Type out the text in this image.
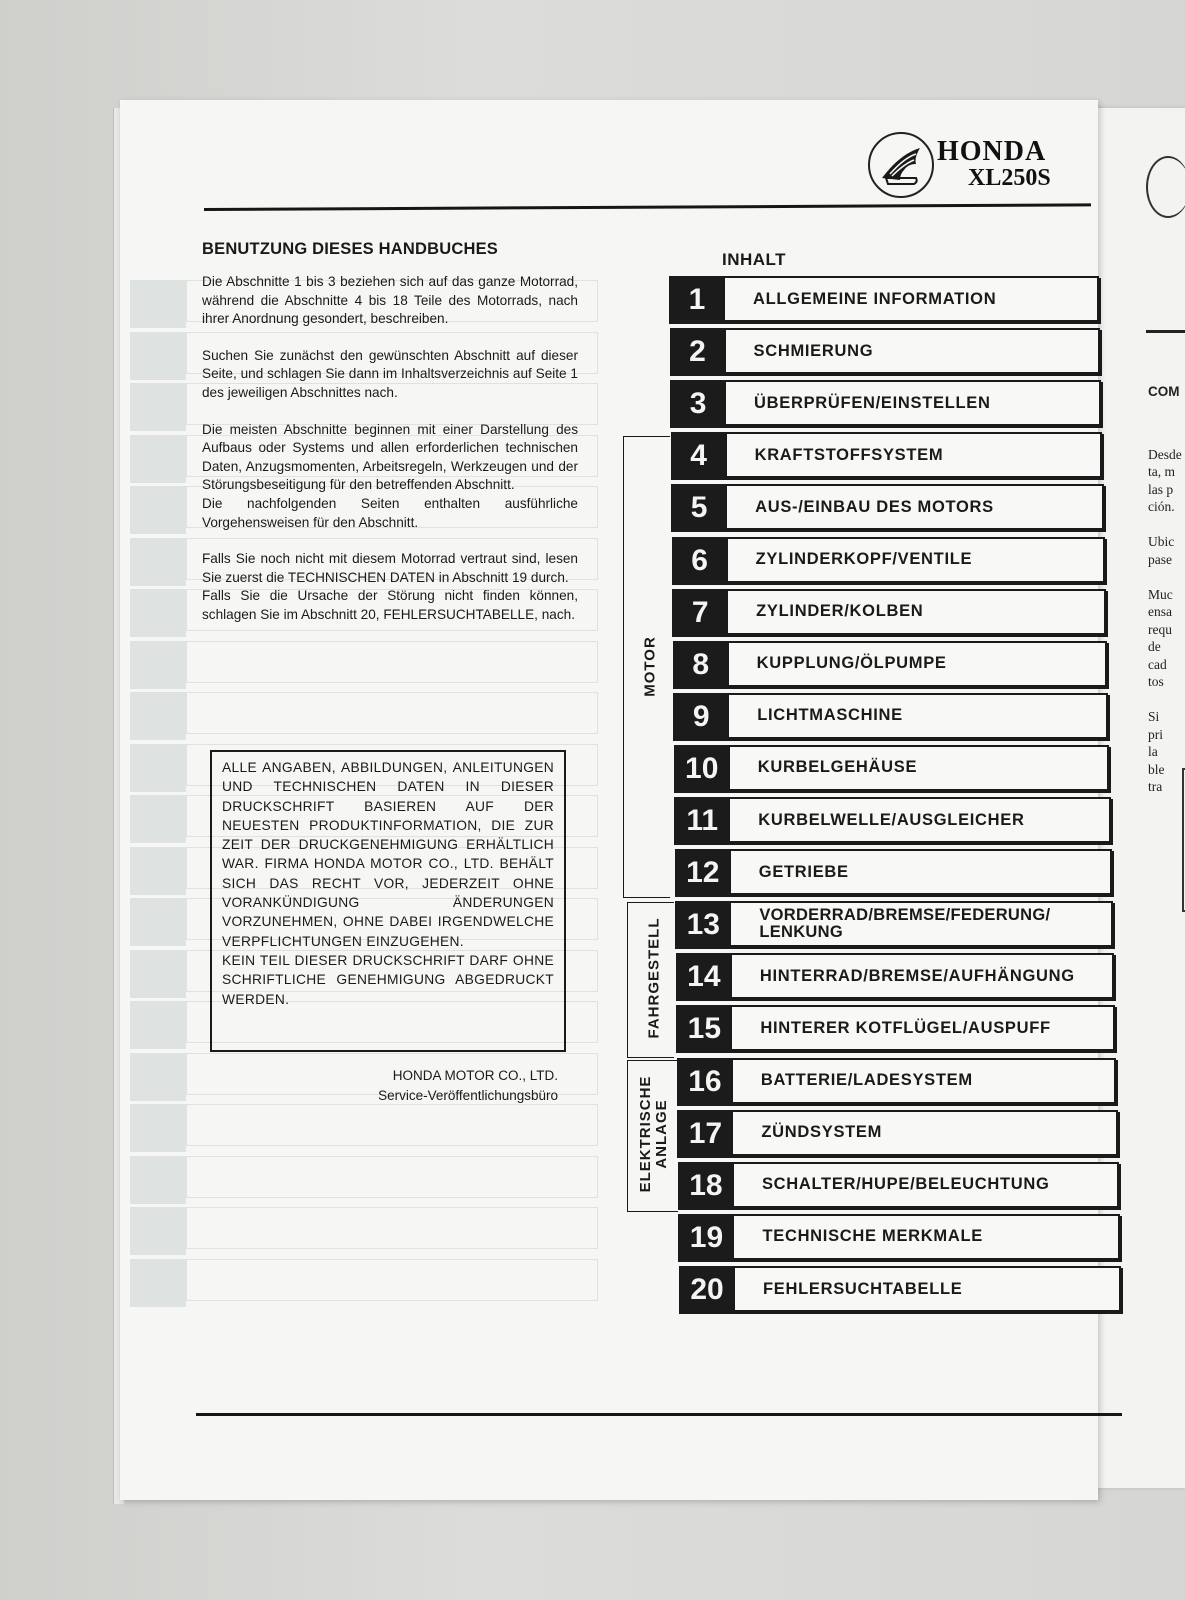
COM

Desde
ta, m
las p
ción.
Ubic
pase
Muc
ensa
requ
de
cad
tos
Si
pri
la
ble
tra

HONDA
XL250S
BENUTZUNG DIESES HANDBUCHES

Die Abschnitte 1 bis 3 beziehen sich auf das ganze Motorrad, während die Abschnitte 4 bis 18 Teile des Motorrads, nach ihrer Anordnung gesondert, beschreiben.

Suchen Sie zunächst den gewünschten Abschnitt auf dieser Seite, und schlagen Sie dann im Inhaltsverzeichnis auf Seite 1 des jeweiligen Abschnittes nach.

Die meisten Abschnitte beginnen mit einer Darstellung des Aufbaus oder Systems und allen erforderlichen technischen Daten, Anzugsmomenten, Arbeitsregeln, Werkzeugen und der Störungsbeseitigung für den betreffenden Abschnitt.

Die nachfolgenden Seiten enthalten ausführliche Vorgehensweisen für den Abschnitt.

Falls Sie noch nicht mit diesem Motorrad vertraut sind, lesen Sie zuerst die TECHNISCHEN DATEN in Abschnitt 19 durch.

Falls Sie die Ursache der Störung nicht finden können, schlagen Sie im Abschnitt 20, FEHLERSUCHTABELLE, nach.

ALLE ANGABEN, ABBILDUNGEN, ANLEITUNGEN UND TECHNISCHEN DATEN IN DIESER DRUCKSCHRIFT BASIEREN AUF DER NEUESTEN PRODUKTINFORMATION, DIE ZUR ZEIT DER DRUCKGENEHMIGUNG ERHÄLTLICH WAR. FIRMA HONDA MOTOR CO., LTD. BEHÄLT SICH DAS RECHT VOR, JEDERZEIT OHNE VORANKÜNDIGUNG ÄNDERUNGEN VORZUNEHMEN, OHNE DABEI IRGENDWELCHE VERPFLICHTUNGEN EINZUGEHEN.
KEIN TEIL DIESER DRUCKSCHRIFT DARF OHNE SCHRIFTLICHE GENEHMIGUNG ABGEDRUCKT WERDEN.
HONDA MOTOR CO., LTD.
Service-Veröffentlichungsbüro
INHALT
1	ALLGEMEINE INFORMATION
2	SCHMIERUNG
3	ÜBERPRÜFEN/EINSTELLEN
4	KRAFTSTOFFSYSTEM
5	AUS-/EINBAU DES MOTORS
6	ZYLINDERKOPF/VENTILE
7	ZYLINDER/KOLBEN
8	KUPPLUNG/ÖLPUMPE
9	LICHTMASCHINE
10	KURBELGEHÄUSE
11	KURBELWELLE/AUSGLEICHER
12	GETRIEBE
13	VORDERRAD/BREMSE/FEDERUNG/ LENKUNG
14	HINTERRAD/BREMSE/AUFHÄNGUNG
15	HINTERER KOTFLÜGEL/AUSPUFF
16	BATTERIE/LADESYSTEM
17	ZÜNDSYSTEM
18	SCHALTER/HUPE/BELEUCHTUNG
19	TECHNISCHE MERKMALE
20	FEHLERSUCHTABELLE
MOTOR
FAHRGESTELL
ELEKTRISCHE
ANLAGE
